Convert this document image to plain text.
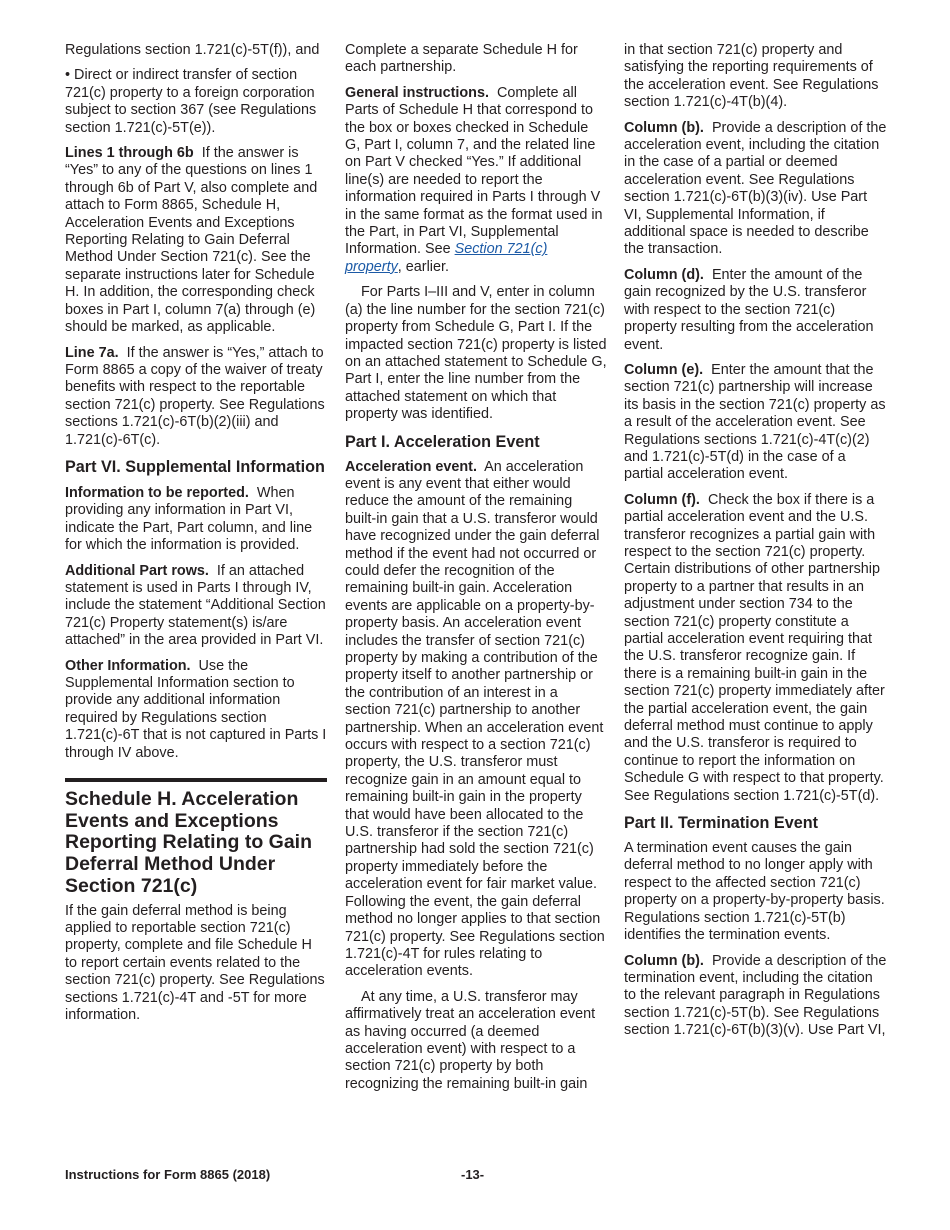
Regulations section 1.721(c)-5T(f)), and

• Direct or indirect transfer of section 721(c) property to a foreign corporation subject to section 367 (see Regulations section 1.721(c)-5T(e)).

Lines 1 through 6b If the answer is “Yes” to any of the questions on lines 1 through 6b of Part V, also complete and attach to Form 8865, Schedule H, Acceleration Events and Exceptions Reporting Relating to Gain Deferral Method Under Section 721(c). See the separate instructions later for Schedule H. In addition, the corresponding check boxes in Part I, column 7(a) through (e) should be marked, as applicable.

Line 7a. If the answer is “Yes,” attach to Form 8865 a copy of the waiver of treaty benefits with respect to the reportable section 721(c) property. See Regulations sections 1.721(c)-6T(b)(2)(iii) and 1.721(c)-6T(c).

Part VI. Supplemental Information

Information to be reported. When providing any information in Part VI, indicate the Part, Part column, and line for which the information is provided.

Additional Part rows. If an attached statement is used in Parts I through IV, include the statement “Additional Section 721(c) Property statement(s) is/are attached” in the area provided in Part VI.

Other Information. Use the Supplemental Information section to provide any additional information required by Regulations section 1.721(c)-6T that is not captured in Parts I through IV above.

Schedule H. Acceleration Events and Exceptions Reporting Relating to Gain Deferral Method Under Section 721(c)

If the gain deferral method is being applied to reportable section 721(c) property, complete and file Schedule H to report certain events related to the section 721(c) property. See Regulations sections 1.721(c)-4T and -5T for more information.

Complete a separate Schedule H for each partnership.

General instructions. Complete all Parts of Schedule H that correspond to the box or boxes checked in Schedule G, Part I, column 7, and the related line on Part V checked “Yes.” If additional line(s) are needed to report the information required in Parts I through V in the same format as the format used in the Part, in Part VI, Supplemental Information. See Section 721(c) property, earlier.

For Parts I–III and V, enter in column (a) the line number for the section 721(c) property from Schedule G, Part I. If the impacted section 721(c) property is listed on an attached statement to Schedule G, Part I, enter the line number from the attached statement on which that property was identified.

Part I. Acceleration Event

Acceleration event. An acceleration event is any event that either would reduce the amount of the remaining built-in gain that a U.S. transferor would have recognized under the gain deferral method if the event had not occurred or could defer the recognition of the remaining built-in gain. Acceleration events are applicable on a property-by-property basis. An acceleration event includes the transfer of section 721(c) property by making a contribution of the property itself to another partnership or the contribution of an interest in a section 721(c) partnership to another partnership. When an acceleration event occurs with respect to a section 721(c) property, the U.S. transferor must recognize gain in an amount equal to remaining built-in gain in the property that would have been allocated to the U.S. transferor if the section 721(c) partnership had sold the section 721(c) property immediately before the acceleration event for fair market value. Following the event, the gain deferral method no longer applies to that section 721(c) property. See Regulations section 1.721(c)-4T for rules relating to acceleration events.

At any time, a U.S. transferor may affirmatively treat an acceleration event as having occurred (a deemed acceleration event) with respect to a section 721(c) property by both recognizing the remaining built-in gain

in that section 721(c) property and satisfying the reporting requirements of the acceleration event. See Regulations section 1.721(c)-4T(b)(4).

Column (b). Provide a description of the acceleration event, including the citation in the case of a partial or deemed acceleration event. See Regulations section 1.721(c)-6T(b)(3)(iv). Use Part VI, Supplemental Information, if additional space is needed to describe the transaction.

Column (d). Enter the amount of the gain recognized by the U.S. transferor with respect to the section 721(c) property resulting from the acceleration event.

Column (e). Enter the amount that the section 721(c) partnership will increase its basis in the section 721(c) property as a result of the acceleration event. See Regulations sections 1.721(c)-4T(c)(2) and 1.721(c)-5T(d) in the case of a partial acceleration event.

Column (f). Check the box if there is a partial acceleration event and the U.S. transferor recognizes a partial gain with respect to the section 721(c) property. Certain distributions of other partnership property to a partner that results in an adjustment under section 734 to the section 721(c) property constitute a partial acceleration event requiring that the U.S. transferor recognize gain. If there is a remaining built-in gain in the section 721(c) property immediately after the partial acceleration event, the gain deferral method must continue to apply and the U.S. transferor is required to continue to report the information on Schedule G with respect to that property. See Regulations section 1.721(c)-5T(d).

Part II. Termination Event

A termination event causes the gain deferral method to no longer apply with respect to the affected section 721(c) property on a property-by-property basis. Regulations section 1.721(c)-5T(b) identifies the termination events.

Column (b). Provide a description of the termination event, including the citation to the relevant paragraph in Regulations section 1.721(c)-5T(b). See Regulations section 1.721(c)-6T(b)(3)(v). Use Part VI,

Instructions for Form 8865 (2018)	-13-
